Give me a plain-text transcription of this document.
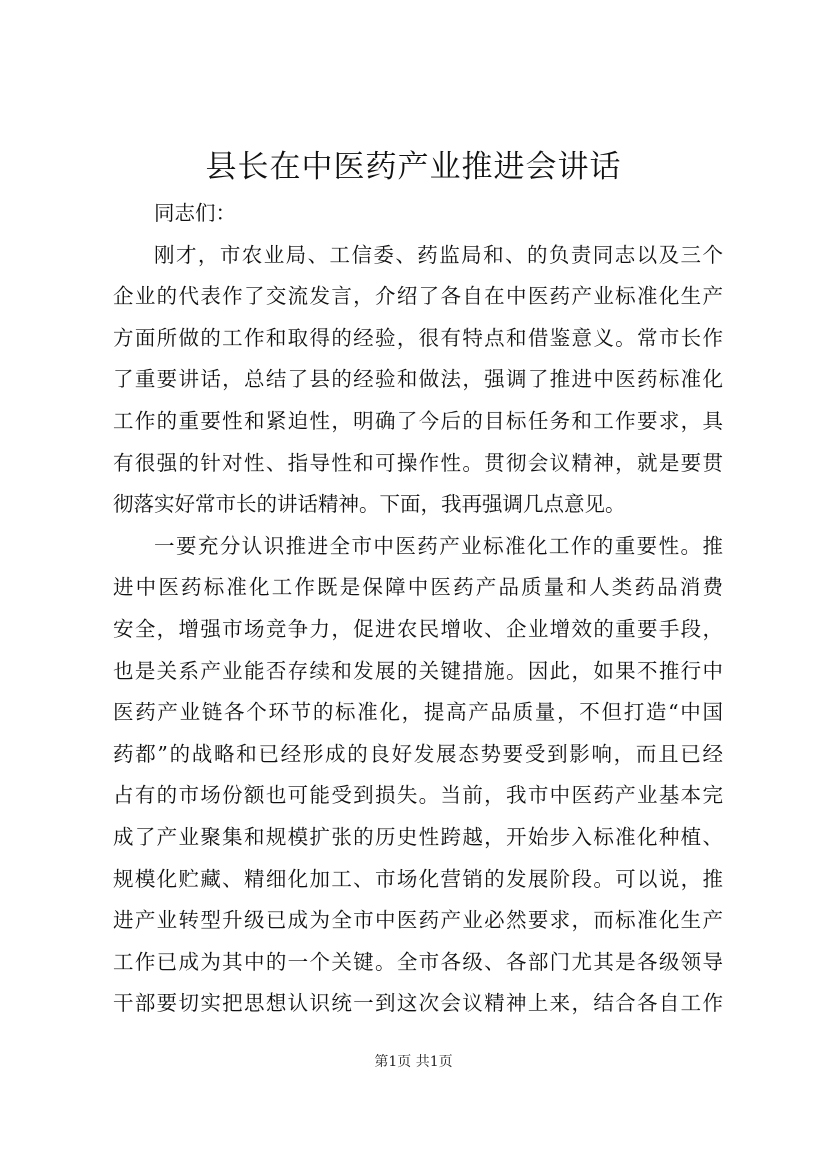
县长在中医药产业推进会讲话
同志们：
刚才，市农业局、工信委、药监局和、的负责同志以及三个
企业的代表作了交流发言，介绍了各自在中医药产业标准化生产
方面所做的工作和取得的经验，很有特点和借鉴意义。常市长作
了重要讲话，总结了县的经验和做法，强调了推进中医药标准化
工作的重要性和紧迫性，明确了今后的目标任务和工作要求，具
有很强的针对性、指导性和可操作性。贯彻会议精神，就是要贯
彻落实好常市长的讲话精神。下面，我再强调几点意见。
一要充分认识推进全市中医药产业标准化工作的重要性。推
进中医药标准化工作既是保障中医药产品质量和人类药品消费
安全，增强市场竞争力，促进农民增收、企业增效的重要手段，
也是关系产业能否存续和发展的关键措施。因此，如果不推行中
医药产业链各个环节的标准化，提高产品质量，不但打造“中国
药都”的战略和已经形成的良好发展态势要受到影响，而且已经
占有的市场份额也可能受到损失。当前，我市中医药产业基本完
成了产业聚集和规模扩张的历史性跨越，开始步入标准化种植、
规模化贮藏、精细化加工、市场化营销的发展阶段。可以说，推
进产业转型升级已成为全市中医药产业必然要求，而标准化生产
工作已成为其中的一个关键。全市各级、各部门尤其是各级领导
干部要切实把思想认识统一到这次会议精神上来，结合各自工作
第1页 共1页
